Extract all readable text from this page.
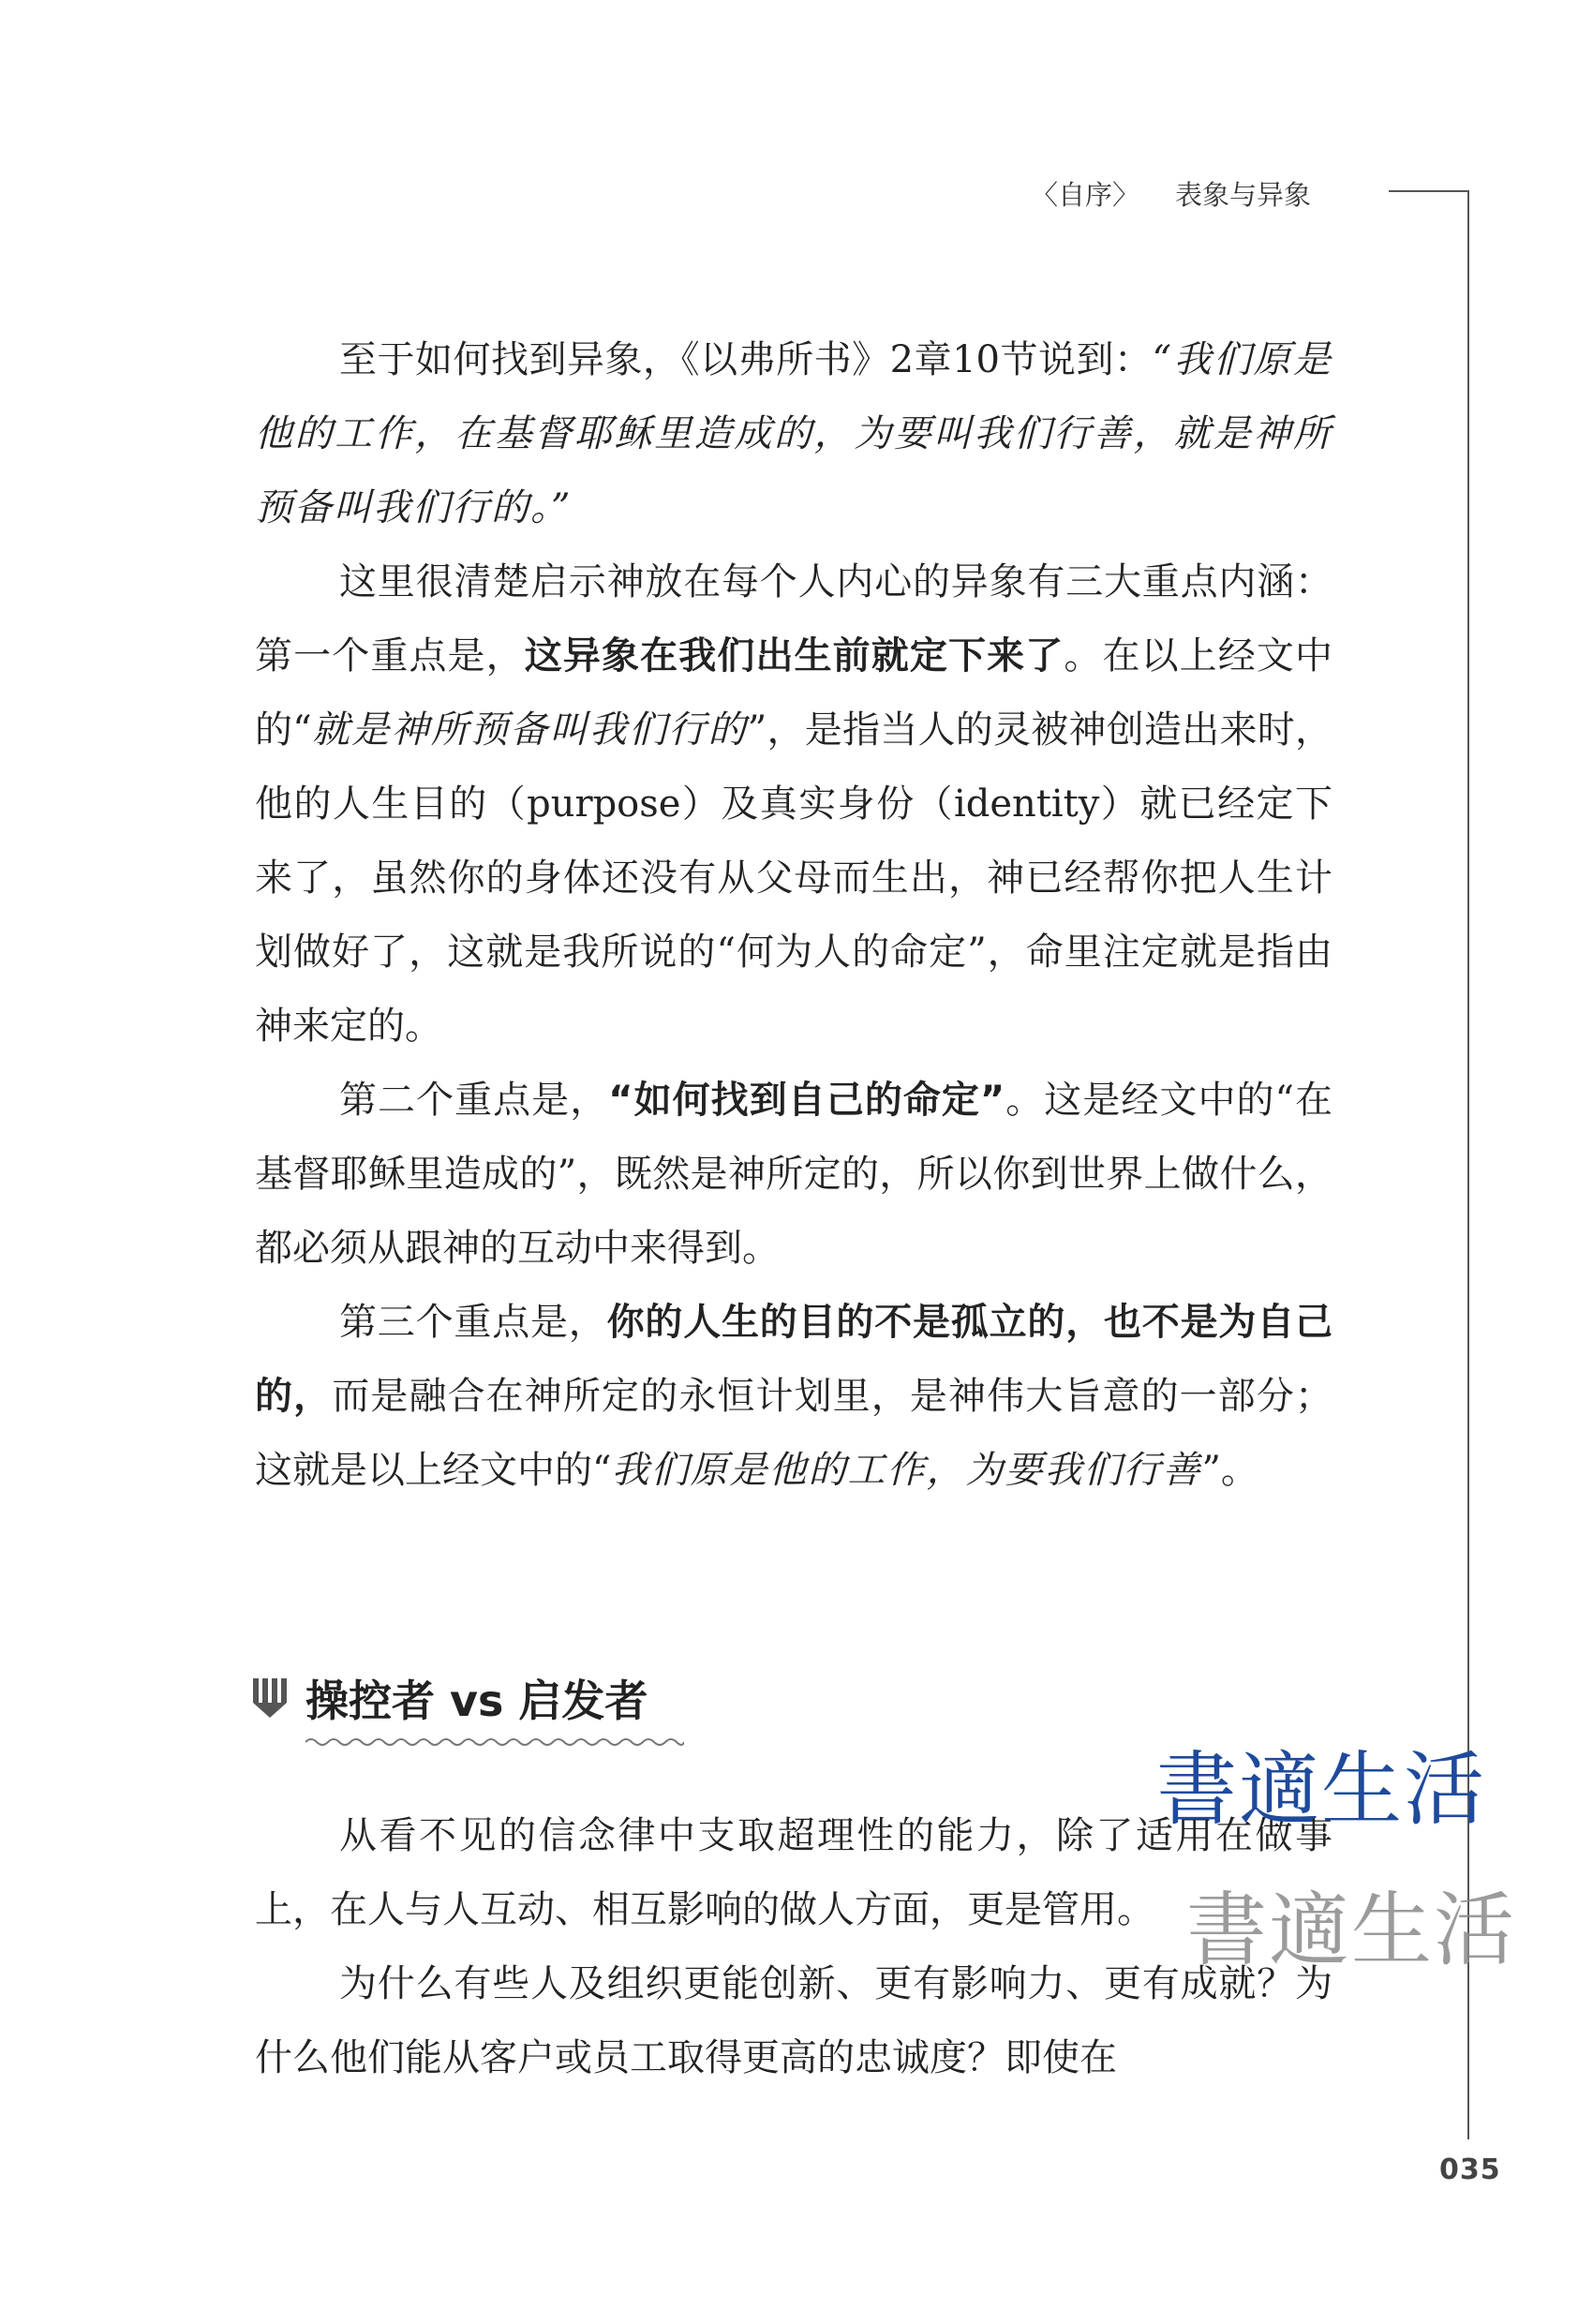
〈自序〉 表象与异象

至于如何找到异象，《以弗所书》2章10节说到：“我们原是他的工作，在基督耶稣里造成的，为要叫我们行善，就是神所预备叫我们行的。”

这里很清楚启示神放在每个人内心的异象有三大重点内涵：第一个重点是，这异象在我们出生前就定下来了。在以上经文中的“就是神所预备叫我们行的”，是指当人的灵被神创造出来时，他的人生目的（purpose）及真实身份（identity）就已经定下来了，虽然你的身体还没有从父母而生出，神已经帮你把人生计划做好了，这就是我所说的“何为人的命定”，命里注定就是指由神来定的。

第二个重点是，“如何找到自己的命定”。这是经文中的“在基督耶稣里造成的”，既然是神所定的，所以你到世界上做什么，都必须从跟神的互动中来得到。

第三个重点是，你的人生的目的不是孤立的，也不是为自己的，而是融合在神所定的永恒计划里，是神伟大旨意的一部分；这就是以上经文中的“我们原是他的工作，为要我们行善”。

操控者 vs 启发者

从看不见的信念律中支取超理性的能力，除了适用在做事上，在人与人互动、相互影响的做人方面，更是管用。

为什么有些人及组织更能创新、更有影响力、更有成就？为什么他们能从客户或员工取得更高的忠诚度？即使在

書適生活
書適生活
035
